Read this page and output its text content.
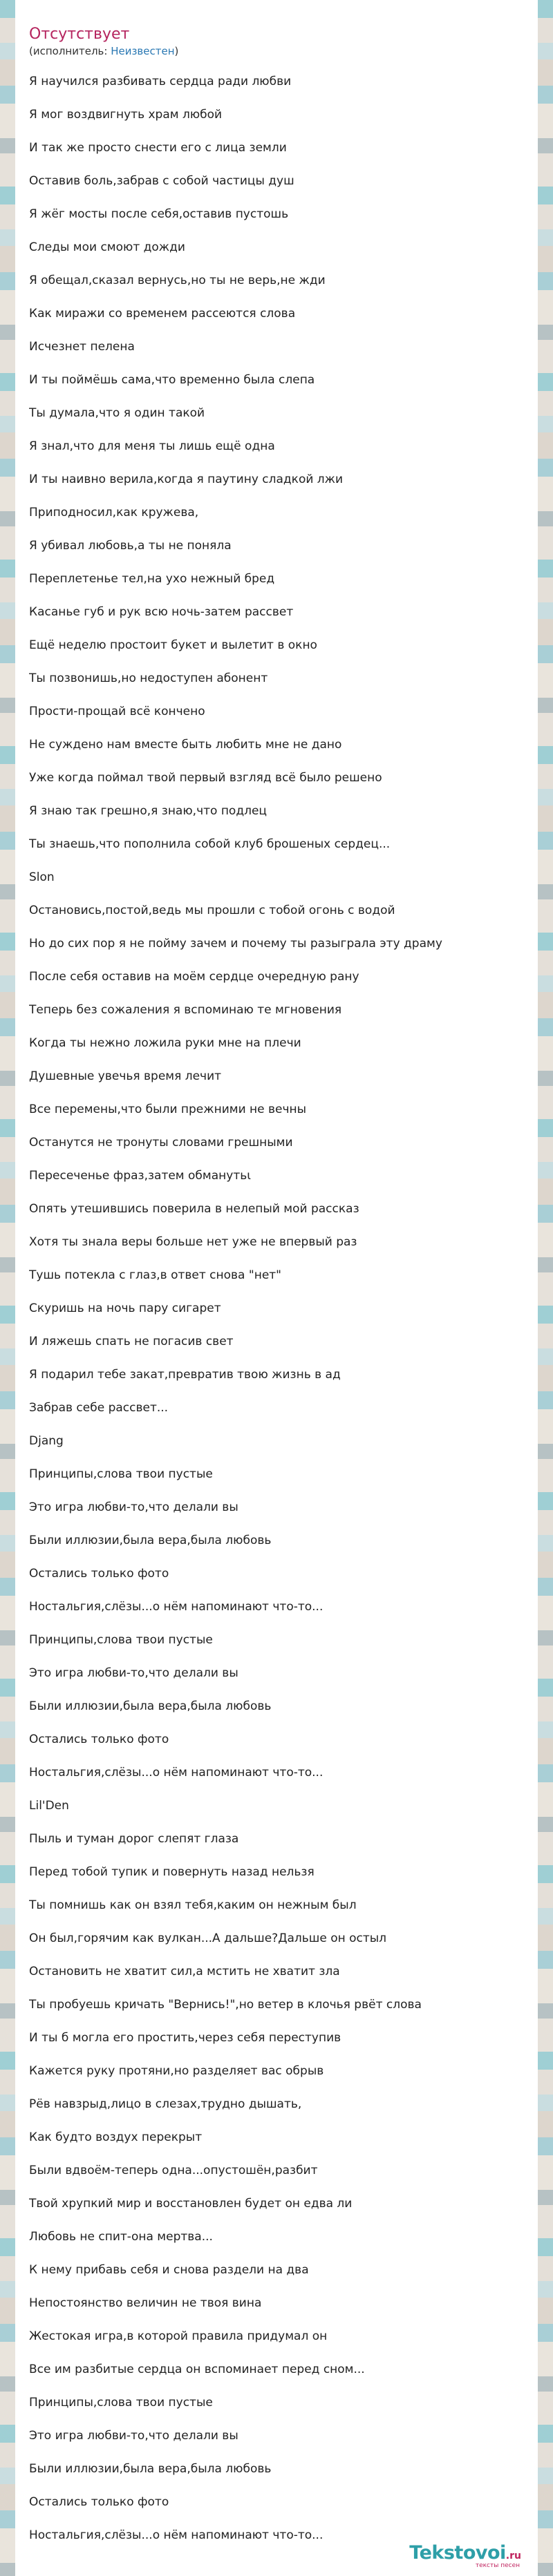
Отсутствует
(исполнитель: Неизвестен)
Я научился разбивать сердца ради любви
Я мог воздвигнуть храм любой
И так же просто снести его с лица земли
Оставив боль,забрав с собой частицы душ
Я жёг мосты после себя,оставив пустошь
Следы мои смоют дожди
Я обещал,сказал вернусь,но ты не верь,не жди
Как миражи со временем рассеются слова
Исчезнет пелена
И ты поймёшь сама,что временно была слепа
Ты думала,что я один такой
Я знал,что для меня ты лишь ещё одна
И ты наивно верила,когда я паутину сладкой лжи
Приподносил,как кружева,
Я убивал любовь,а ты не поняла
Переплетенье тел,на ухо нежный бред
Касанье губ и рук всю ночь-затем рассвет
Ещё неделю простоит букет и вылетит в окно
Ты позвонишь,но недоступен абонент
Прости-прощай всё кончено
Не суждено нам вместе быть любить мне не дано
Уже когда поймал твой первый взгляд всё было решено
Я знаю так грешно,я знаю,что подлец
Ты знаешь,что пополнила собой клуб брошеных сердец...
Slon
Остановись,постой,ведь мы прошли с тобой огонь с водой
Но до сих пор я не пойму зачем и почему ты разыграла эту драму
После себя оставив на моём сердце очередную рану
Теперь без сожаления я вспоминаю те мгновения
Когда ты нежно ложила руки мне на плечи
Душевные увечья время лечит
Все перемены,что были прежними не вечны
Останутся не тронуты словами грешными
Пересеченье фраз,затем обманутьι
Опять утешившись поверила в нелепый мой рассказ
Хотя ты знала веры больше нет уже не впервый раз
Тушь потекла с глаз,в ответ снова "нет"
Скуришь на ночь пару сигарет
И ляжешь спать не погасив свет
Я подарил тебе закат,превратив твою жизнь в ад
Забрав себе рассвет...
Djang
Принципы,слова твои пустые
Это игра любви-то,что делали вы
Были иллюзии,была вера,была любовь
Остались только фото
Ностальгия,слёзы...о нём напоминают что-то...
Принципы,слова твои пустые
Это игра любви-то,что делали вы
Были иллюзии,была вера,была любовь
Остались только фото
Ностальгия,слёзы...о нём напоминают что-то...
Lil'Den
Пыль и туман дорог слепят глаза
Перед тобой тупик и повернуть назад нельзя
Ты помнишь как он взял тебя,каким он нежным был
Он был,горячим как вулкан...А дальше?Дальше он остыл
Остановить не хватит сил,а мстить не хватит зла
Ты пробуешь кричать "Вернись!",но ветер в клочья рвёт слова
И ты б могла его простить,через себя переступив
Кажется руку протяни,но разделяет вас обрыв
Рёв навзрыд,лицо в слезах,трудно дышать,
Как будто воздух перекрыт
Были вдвоём-теперь одна...опустошён,разбит
Твой хрупкий мир и восстановлен будет он едва ли
Любовь не спит-она мертва...
К нему прибавь себя и снова раздели на два
Непостоянство величин не твоя вина
Жестокая игра,в которой правила придумал он
Все им разбитые сердца он вспоминает перед сном...
Принципы,слова твои пустые
Это игра любви-то,что делали вы
Были иллюзии,была вера,была любовь
Остались только фото
Ностальгия,слёзы...о нём напоминают что-то...
Tekstovoi.ru
тексты песен
